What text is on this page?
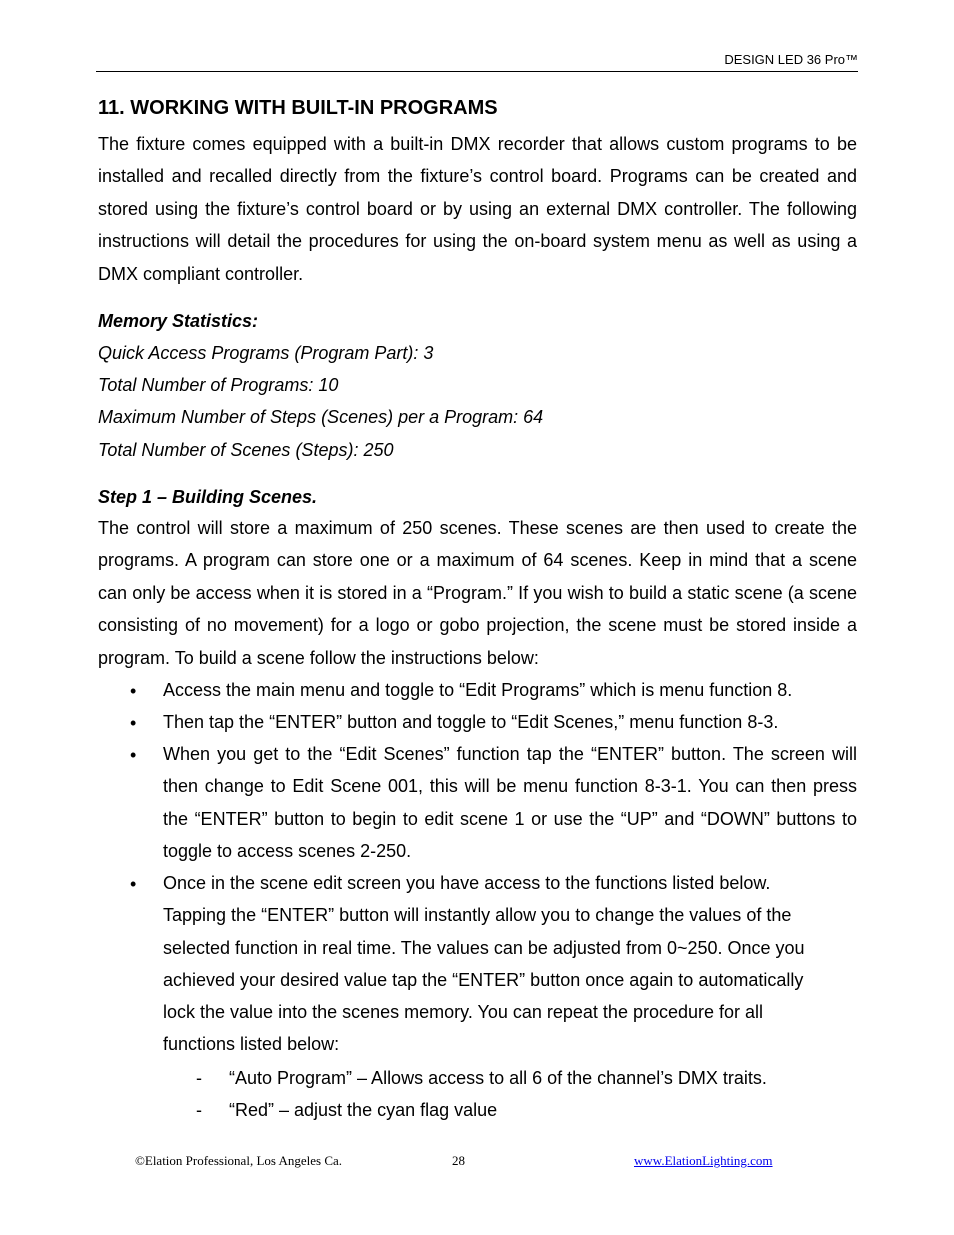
DESIGN LED 36 Pro™
11. WORKING WITH BUILT-IN PROGRAMS

The fixture comes equipped with a built-in DMX recorder that allows custom programs to be installed and recalled directly from the fixture’s control board. Programs can be created and stored using the fixture’s control board or by using an external DMX controller. The following instructions will detail the procedures for using the on-board system menu as well as using a DMX compliant controller.

Memory Statistics:

Quick Access Programs (Program Part): 3

Total Number of Programs: 10

Maximum Number of Steps (Scenes) per a Program: 64

Total Number of Scenes (Steps): 250

Step 1 – Building Scenes.

The control will store a maximum of 250 scenes. These scenes are then used to create the programs. A program can store one or a maximum of 64 scenes. Keep in mind that a scene can only be access when it is stored in a “Program.” If you wish to build a static scene (a scene consisting of no movement) for a logo or gobo projection, the scene must be stored inside a program. To build a scene follow the instructions below:

• Access the main menu and toggle to “Edit Programs” which is menu function 8.

• Then tap the “ENTER” button and toggle to “Edit Scenes,” menu function 8-3.

• When you get to the “Edit Scenes” function tap the “ENTER” button. The screen will then change to Edit Scene 001, this will be menu function 8-3-1. You can then press the “ENTER” button to begin to edit scene 1 or use the “UP” and “DOWN” buttons to toggle to access scenes 2-250.

• Once in the scene edit screen you have access to the functions listed below. Tapping the “ENTER” button will instantly allow you to change the values of the selected function in real time. The values can be adjusted from 0~250. Once you achieved your desired value tap the “ENTER” button once again to automatically lock the value into the scenes memory. You can repeat the procedure for all functions listed below:

- “Auto Program” – Allows access to all 6 of the channel’s DMX traits.

- “Red” – adjust the cyan flag value

©Elation Professional, Los Angeles Ca.	28	www.ElationLighting.com
